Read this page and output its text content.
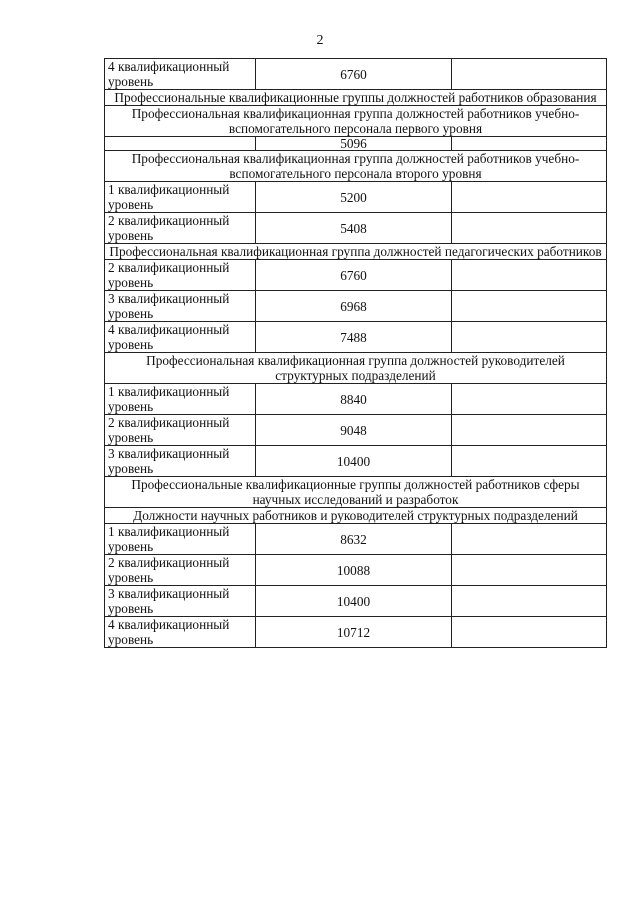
2
4 квалификационный уровень	6760	
Профессиональные квалификационные группы должностей работников образования		
Профессиональная квалификационная группа должностей работников учебно-вспомогательного персонала первого уровня		
	5096	
Профессиональная квалификационная группа должностей работников учебно-вспомогательного персонала второго уровня		
1 квалификационный уровень	5200	
2 квалификационный уровень	5408	
Профессиональная квалификационная группа должностей педагогических работников		
2 квалификационный уровень	6760	
3 квалификационный уровень	6968	
4 квалификационный уровень	7488	
Профессиональная квалификационная группа должностей руководителей структурных подразделений		
1 квалификационный уровень	8840	
2 квалификационный уровень	9048	
3 квалификационный уровень	10400	
Профессиональные квалификационные группы должностей работников сферы научных исследований и разработок		
Должности научных работников и руководителей структурных подразделений		
1 квалификационный уровень	8632	
2 квалификационный уровень	10088	
3 квалификационный уровень	10400	
4 квалификационный уровень	10712	
